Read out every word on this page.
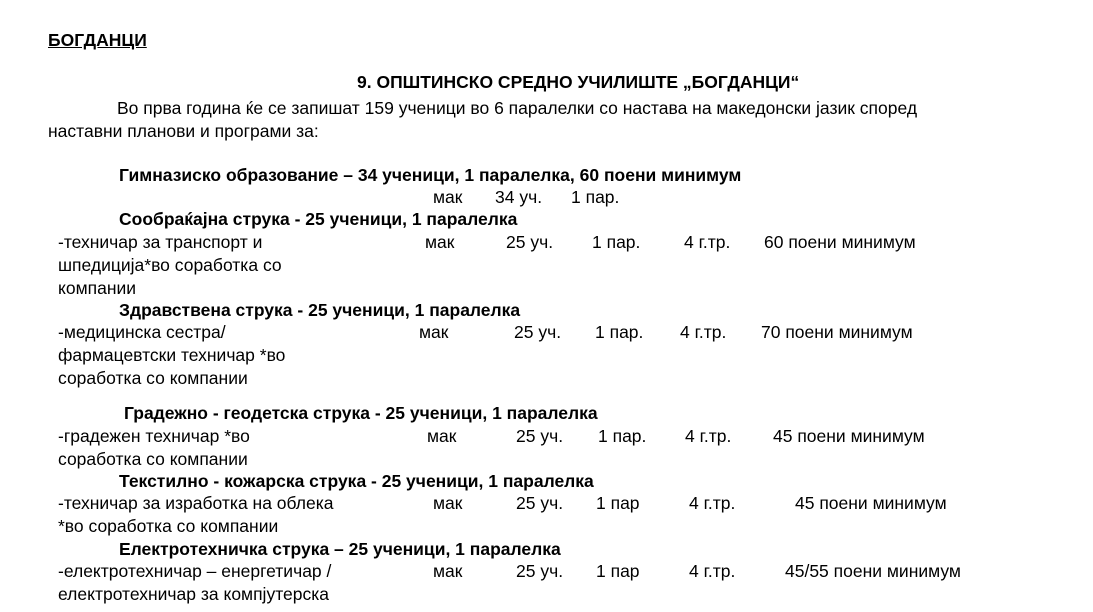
БОГДАНЦИ
9. ОПШТИНСКО СРЕДНО УЧИЛИШТЕ „БОГДАНЦИ“
Во прва година ќе се запишат 159 ученици во 6 паралелки со настава на македонски јазик според
наставни планови и програми за:
Гимназиско образование – 34 ученици, 1 паралелка, 60 поени минимум
мак 34 уч. 1 пар.
Сообраќајна струка - 25 ученици, 1 паралелка
-техничар за транспорт и
шпедиција*во соработка со
компании
мак	25 уч. 1 пар. 4 г.тр. 60 поени минимум
Здравствена струка - 25 ученици, 1 паралелка
-медицинска сестра/
фармацевтски техничар *во
соработка со компании
мак	25 уч. 1 пар. 4 г.тр. 70 поени минимум
Градежно - геодетска струка - 25 ученици, 1 паралелка
-градежен техничар *во
соработка со компании
мак	25 уч. 1 пар. 4 г.тр. 45 поени минимум
Текстилно - кожарска струка - 25 ученици, 1 паралелка
-техничар за изработка на облека
*во соработка со компании
мак	25 уч. 1 пар	4 г.тр.	45 поени минимум
Електротехничка струка – 25 ученици, 1 паралелка
-електротехничар – енергетичар /
електротехничар за компјутерска
мак	25 уч. 1 пар	4 г.тр.	45/55 поени минимум
